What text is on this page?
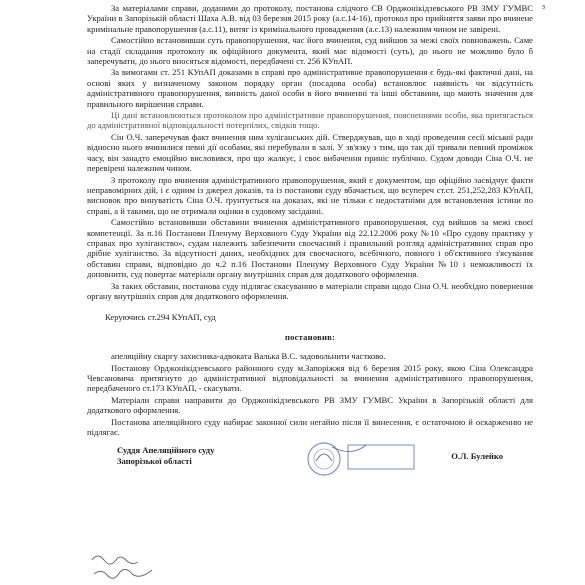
з

За матеріалами справи, доданими до протоколу, постанова слідчого СВ Орджонікідзевського РВ ЗМУ ГУМВС України в Запорізькій області Шаха А.В. від 03 березня 2015 року (а.с.14-16), протокол про прийняття заяви про вчинене кримінальне правопорушення (а.с.11), витяг із кримінального провадження (а.с.13) належним чином не завірені.

Самостійно встановивши суть правопорушення, час його вчинення, суд вийшов за межі своїх повноважень. Саме на стадії складання протоколу як офіційного документа, який має відомості (суть), до нього не можливо було б заперечувати, до нього вносяться відомості, передбачені ст. 256 КУпАП.

За вимогами ст. 251 КУпАП доказами в справі про адміністративне правопорушення є будь-які фактичні дані, на основі яких у визначеному законом порядку орган (посадова особа) встановлює наявність чи відсутність адміністративного правопорушення, винність даної особи в його вчиненні та інші обставини, що мають значення для правильного вирішення справи.

Ці дані встановлюються протоколом про адміністративне правопорушення, поясненнями особи, яка притягається до адміністративної відповідальності потерпілих, свідків тощо.

Сін О.Ч. заперечував факт вчинення ним хуліганських дій. Стверджував, що в ході проведення сесії міської ради відносно нього вчинялися певні дії особами, які перебували в залі. У зв'язку з тим, що так дії тривали певний проміжок часу, він занадто емоційно висловився, про що жалкує, і своє вибачення приніс публічно. Судом доводи Сіна О.Ч. не перевірені належним чином.

З протоколу про вчинення адміністративного правопорушення, який є документом, що офіційно засвідчує факти неправомірних дій, і є одним із джерел доказів, та із постанови суду вбачається, що всупереч ст.ст. 251,252,283 КУпАП, висновок про винуватість Сіна О.Ч. ґрунтується на доказах, які не тільки є недостатніми для встановлення істини по справі, а й такими, що не отримали оцінки в судовому засіданні.

Самостійно встановивши обставини вчинення адміністративного правопорушення, суд вийшов за межі своєї компетенції. За п.16 Постанови Пленуму Верховного Суду України від 22.12.2006 року №10 «Про судову практику у справах про хуліганство», судам належить забезпечити своєчасний і правильний розгляд адміністративних справ про дрібне хуліганство. За відсутності даних, необхідних для своєчасного, всебічного, повного і об'єктивного з'ясування обставин справи, відповідно до ч.2 п.16 Постанови Пленуму Верховного Суду України №10 і неможливості їх доповнити, суд повертає матеріали органу внутрішніх справ для додаткового оформлення.

За таких обставин, постанова суду підлягає скасуванню в матеріали справи щодо Сіна О.Ч. необхідно повернення органу внутрішніх справ для додаткового оформлення.

Керуючись ст.294 КУпАП, суд

постановив:

апеляційну скаргу захисника-адвоката Валька В.С. задовольнити частково.

Постанову Орджонікідзевського районного суду м.Запоріжжя від 6 березня 2015 року, якою Сіна Олександра Чевсановича притягнуто до адміністративної відповідальності за вчинення адміністративного правопорушення, передбаченого ст.173 КУпАП, - скасувати.

Матеріали справи направити до Орджонікідзевського РВ ЗМУ ГУМВС України в Запорізькій області для додаткового оформлення.

Постанова апеляційного суду набирає законної сили негайно після її винесення, є остаточною й оскарженню не підлягає.

Суддя Апеляційного суду
Запорізької області	О.Л. Булейко
